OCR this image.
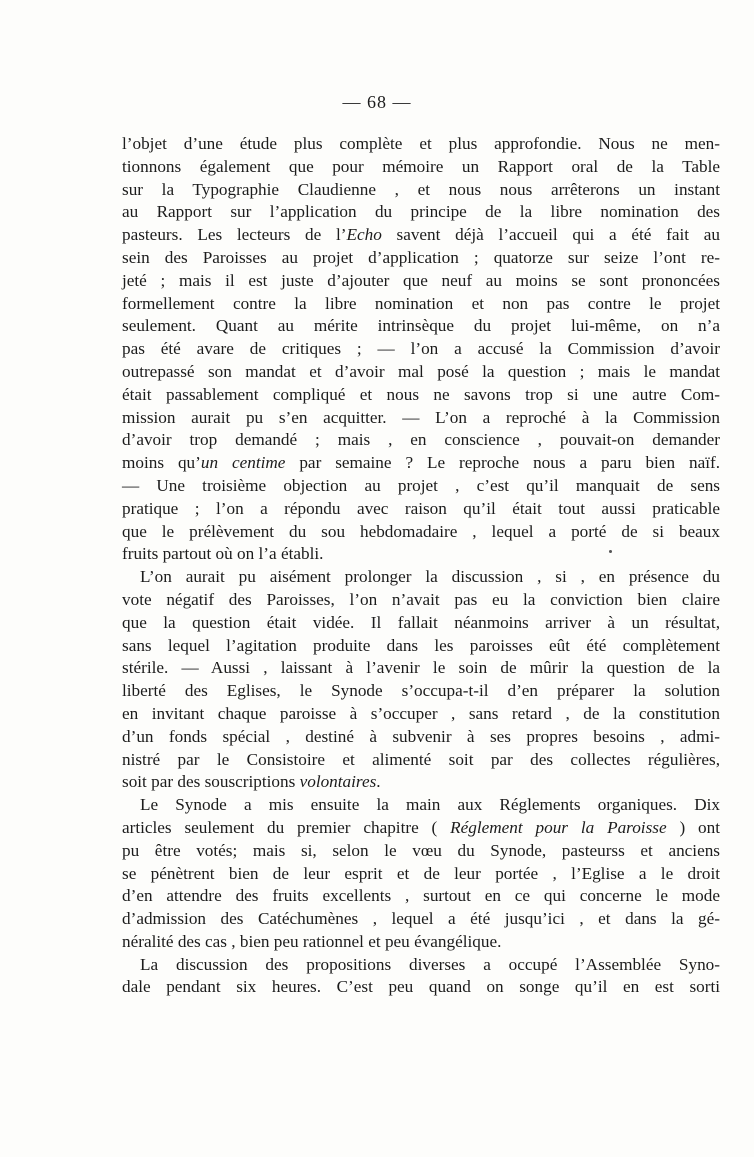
— 68 —
l’objet d’une étude plus complète et plus approfondie. Nous ne men-
tionnons également que pour mémoire un Rapport oral de la Table
sur la Typographie Claudienne , et nous nous arrêterons un instant
au Rapport sur l’application du principe de la libre nomination des
pasteurs. Les lecteurs de l’Echo savent déjà l’accueil qui a été fait au
sein des Paroisses au projet d’application ; quatorze sur seize l’ont re-
jeté ; mais il est juste d’ajouter que neuf au moins se sont prononcées
formellement contre la libre nomination et non pas contre le projet
seulement. Quant au mérite intrinsèque du projet lui-même, on n’a
pas été avare de critiques ; — l’on a accusé la Commission d’avoir
outrepassé son mandat et d’avoir mal posé la question ; mais le mandat
était passablement compliqué et nous ne savons trop si une autre Com-
mission aurait pu s’en acquitter. — L’on a reproché à la Commission
d’avoir trop demandé ; mais , en conscience , pouvait-on demander
moins qu’un centime par semaine ? Le reproche nous a paru bien naïf.
— Une troisième objection au projet , c’est qu’il manquait de sens
pratique ; l’on a répondu avec raison qu’il était tout aussi praticable
que le prélèvement du sou hebdomadaire , lequel a porté de si beaux
fruits partout où on l’a établi.
L’on aurait pu aisément prolonger la discussion , si , en présence du
vote négatif des Paroisses, l’on n’avait pas eu la conviction bien claire
que la question était vidée. Il fallait néanmoins arriver à un résultat,
sans lequel l’agitation produite dans les paroisses eût été complètement
stérile. — Aussi , laissant à l’avenir le soin de mûrir la question de la
liberté des Eglises, le Synode s’occupa-t-il d’en préparer la solution
en invitant chaque paroisse à s’occuper , sans retard , de la constitution
d’un fonds spécial , destiné à subvenir à ses propres besoins , admi-
nistré par le Consistoire et alimenté soit par des collectes régulières,
soit par des souscriptions volontaires.
Le Synode a mis ensuite la main aux Réglements organiques. Dix
articles seulement du premier chapitre ( Réglement pour la Paroisse ) ont
pu être votés; mais si, selon le vœu du Synode, pasteurss et anciens
se pénètrent bien de leur esprit et de leur portée , l’Eglise a le droit
d’en attendre des fruits excellents , surtout en ce qui concerne le mode
d’admission des Catéchumènes , lequel a été jusqu’ici , et dans la gé-
néralité des cas , bien peu rationnel et peu évangélique.
La discussion des propositions diverses a occupé l’Assemblée Syno-
dale pendant six heures. C’est peu quand on songe qu’il en est sorti
